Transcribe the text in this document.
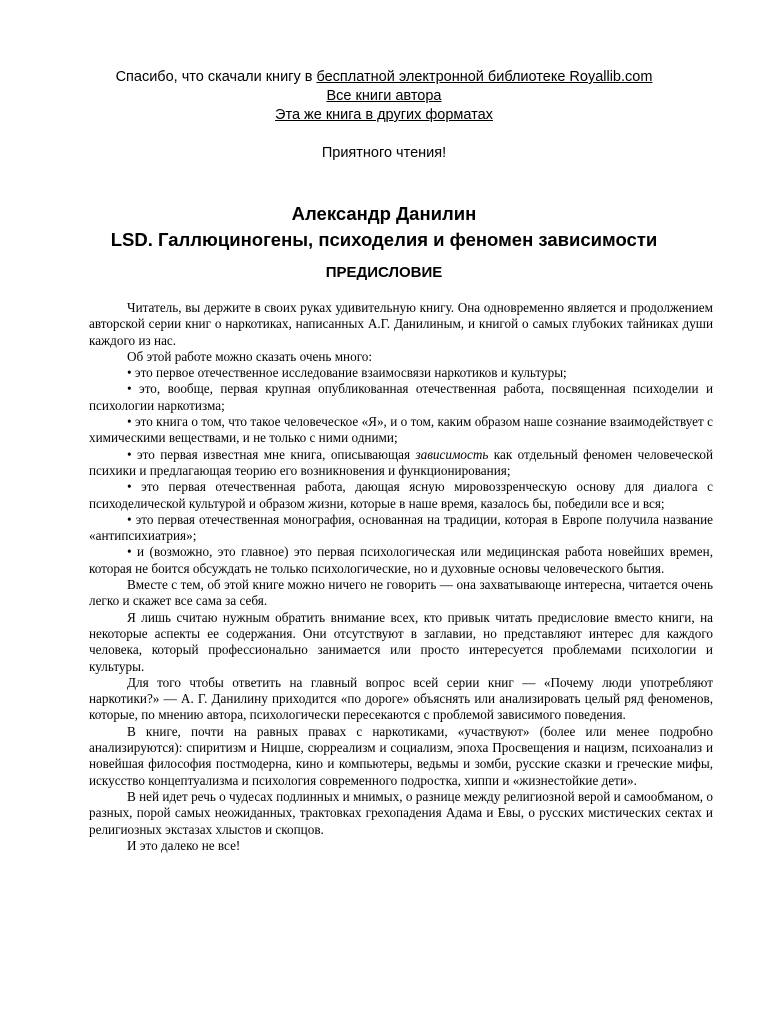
Спасибо, что скачали книгу в бесплатной электронной библиотеке Royallib.com
Все книги автора
Эта же книга в других форматах
Приятного чтения!
Александр Данилин
LSD. Галлюциногены, психоделия и феномен зависимости
ПРЕДИСЛОВИЕ

Читатель, вы держите в своих руках удивительную книгу. Она одновременно является и продолжением авторской серии книг о наркотиках, написанных А.Г. Данилиным, и книгой о самых глубоких тайниках души каждого из нас.

Об этой работе можно сказать очень много:

• это первое отечественное исследование взаимосвязи наркотиков и культуры;

• это, вообще, первая крупная опубликованная отечественная работа, посвященная психоделии и психологии наркотизма;

• это книга о том, что такое человеческое «Я», и о том, каким образом наше сознание взаимодействует с химическими веществами, и не только с ними одними;

• это первая известная мне книга, описывающая зависимость как отдельный феномен человеческой психики и предлагающая теорию его возникновения и функционирования;

• это первая отечественная работа, дающая ясную мировоззренческую основу для диалога с психоделической культурой и образом жизни, которые в наше время, казалось бы, победили все и вся;

• это первая отечественная монография, основанная на традиции, которая в Европе получила название «антипсихиатрия»;

• и (возможно, это главное) это первая психологическая или медицинская работа новейших времен, которая не боится обсуждать не только психологические, но и духовные основы человеческого бытия.

Вместе с тем, об этой книге можно ничего не говорить — она захватывающе интересна, читается очень легко и скажет все сама за себя.

Я лишь считаю нужным обратить внимание всех, кто привык читать предисловие вместо книги, на некоторые аспекты ее содержания. Они отсутствуют в заглавии, но представляют интерес для каждого человека, который профессионально занимается или просто интересуется проблемами психологии и культуры.

Для того чтобы ответить на главный вопрос всей серии книг — «Почему люди употребляют наркотики?» — А. Г. Данилину приходится «по дороге» объяснять или анализировать целый ряд феноменов, которые, по мнению автора, психологически пересекаются с проблемой зависимого поведения.

В книге, почти на равных правах с наркотиками, «участвуют» (более или менее подробно анализируются): спиритизм и Ницше, сюрреализм и социализм, эпоха Просвещения и нацизм, психоанализ и новейшая философия постмодерна, кино и компьютеры, ведьмы и зомби, русские сказки и греческие мифы, искусство концептуализма и психология современного подростка, хиппи и «жизнестойкие дети».

В ней идет речь о чудесах подлинных и мнимых, о разнице между религиозной верой и самообманом, о разных, порой самых неожиданных, трактовках грехопадения Адама и Евы, о русских мистических сектах и религиозных экстазах хлыстов и скопцов.

И это далеко не все!
